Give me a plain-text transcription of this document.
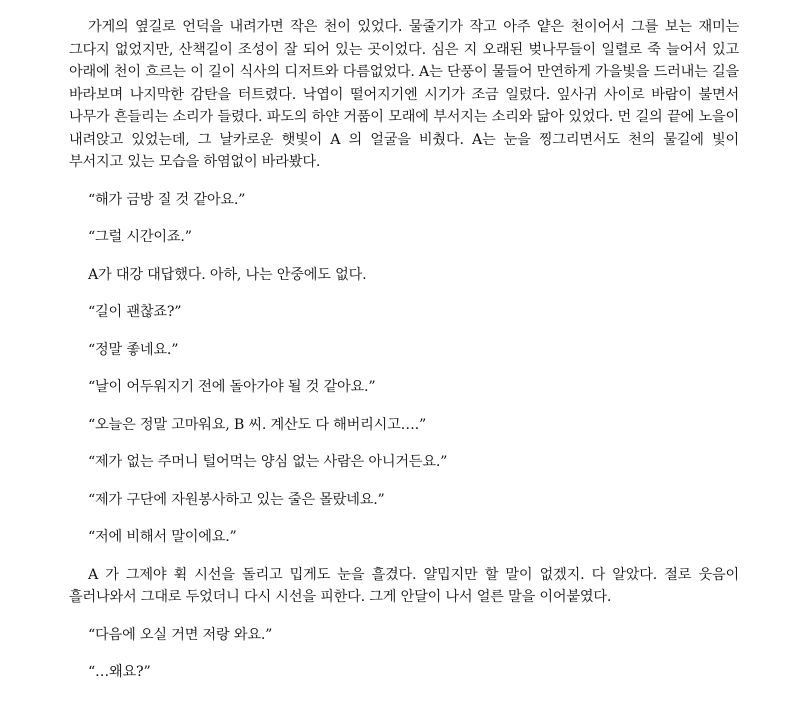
가게의 옆길로 언덕을 내려가면 작은 천이 있었다. 물줄기가 작고 아주 얕은 천이어서 그를 보는 재미는 그다지 없었지만, 산책길이 조성이 잘 되어 있는 곳이었다. 심은 지 오래된 벚나무들이 일렬로 죽 늘어서 있고 아래에 천이 흐르는 이 길이 식사의 디저트와 다름없었다. A는 단풍이 물들어 만연하게 가을빛을 드러내는 길을 바라보며 나지막한 감탄을 터트렸다. 낙엽이 떨어지기엔 시기가 조금 일렀다. 잎사귀 사이로 바람이 불면서 나무가 흔들리는 소리가 들렸다. 파도의 하얀 거품이 모래에 부서지는 소리와 닮아 있었다. 먼 길의 끝에 노을이 내려앉고 있었는데, 그 날카로운 햇빛이 A 의 얼굴을 비췄다. A는 눈을 찡그리면서도 천의 물길에 빛이 부서지고 있는 모습을 하염없이 바라봤다.

“해가 금방 질 것 같아요.”

“그럴 시간이죠.”

A가 대강 대답했다. 아하, 나는 안중에도 없다.

“길이 괜찮죠?”

“정말 좋네요.”

“날이 어두워지기 전에 돌아가야 될 것 같아요.”

“오늘은 정말 고마워요, B 씨. 계산도 다 해버리시고….”

“제가 없는 주머니 털어먹는 양심 없는 사람은 아니거든요.”

“제가 구단에 자원봉사하고 있는 줄은 몰랐네요.”

“저에 비해서 말이에요.”

A 가 그제야 휙 시선을 돌리고 밉게도 눈을 흘겼다. 얄밉지만 할 말이 없겠지. 다 알았다. 절로 웃음이 흘러나와서 그대로 두었더니 다시 시선을 피한다. 그게 안달이 나서 얼른 말을 이어붙였다.

“다음에 오실 거면 저랑 와요.”

“…왜요?”
